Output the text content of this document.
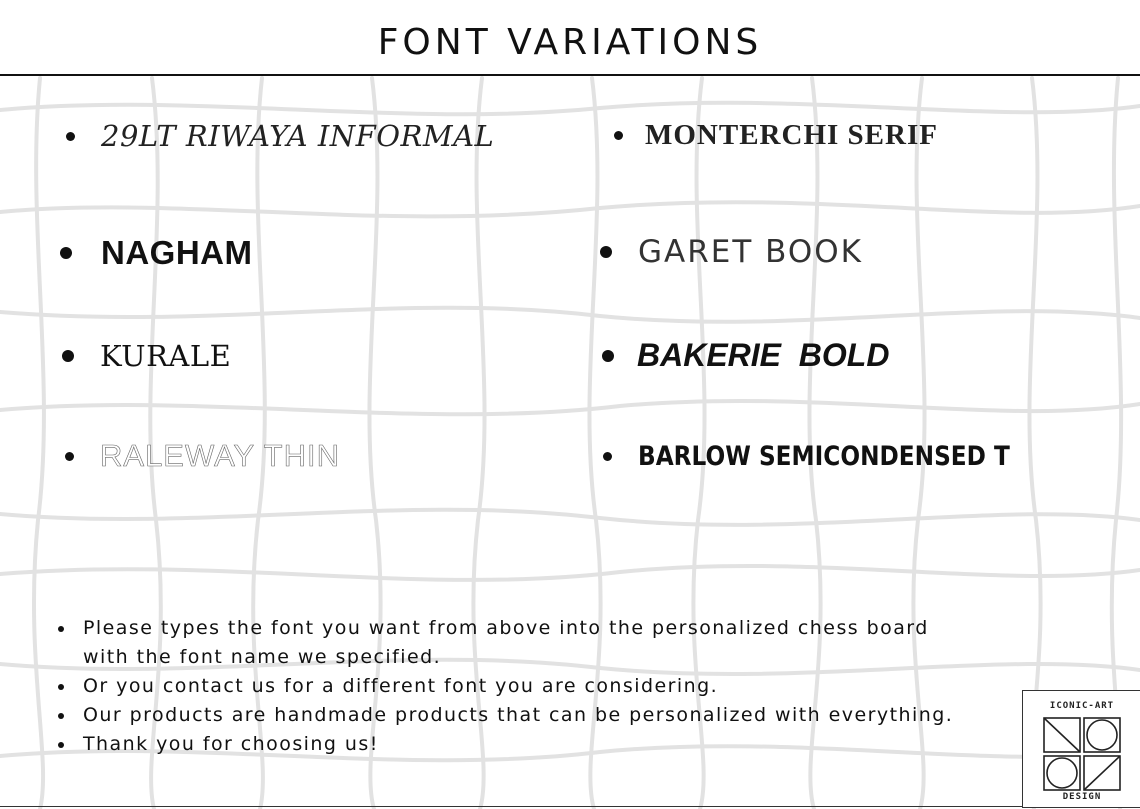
FONT VARIATIONS
29LT RIWAYA INFORMAL	MONTERCHI SERIF
NAGHAM	GARET BOOK
KURALE	BAKERIE  BOLD
RALEWAY THIN	BARLOW SEMICONDENSED T
Please types the font you want from above into the personalized chess board
with the font name we specified.
Or you contact us for a different font you are considering.
Our products are handmade products that can be personalized with everything.
Thank you for choosing us!
ICONIC-ART
DESIGN
